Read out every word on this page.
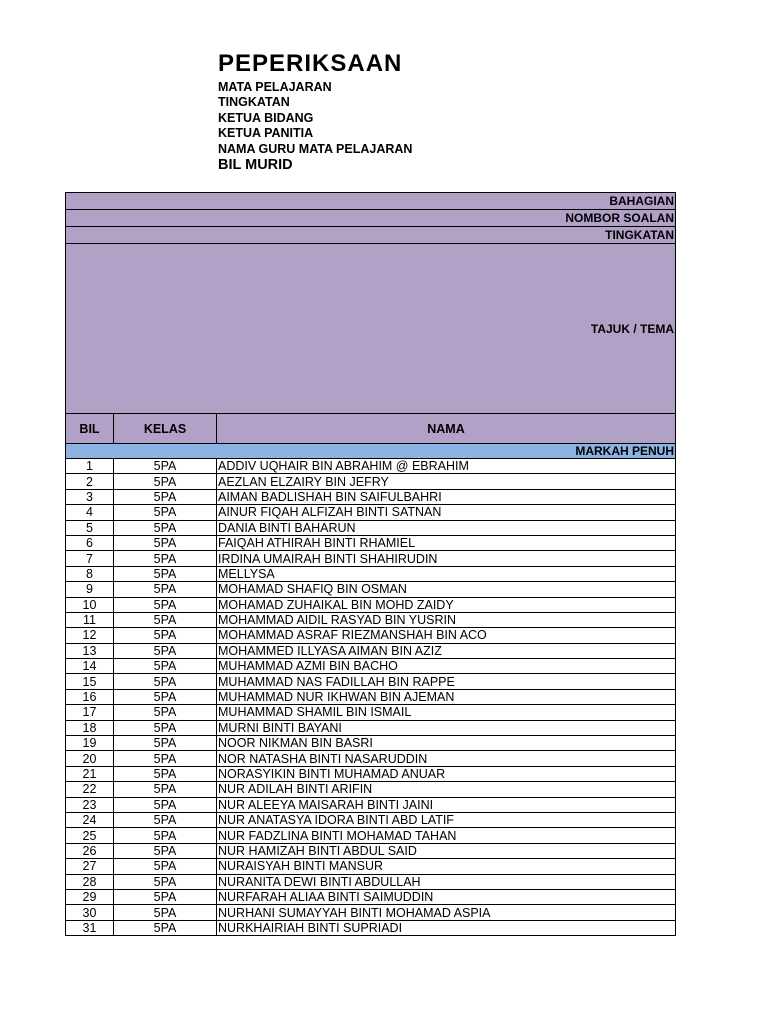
PEPERIKSAAN
MATA PELAJARAN
TINGKATAN
KETUA BIDANG
KETUA PANITIA
NAMA GURU MATA PELAJARAN
BIL MURID
BAHAGIAN		
NOMBOR SOALAN		
TINGKATAN		
TAJUK / TEMA		
BIL	KELAS	NAMA
MARKAH PENUH		
1	5PA	ADDIV UQHAIR BIN ABRAHIM @ EBRAHIM
2	5PA	AEZLAN ELZAIRY BIN JEFRY
3	5PA	AIMAN BADLISHAH BIN SAIFULBAHRI
4	5PA	AINUR FIQAH ALFIZAH BINTI SATNAN
5	5PA	DANIA BINTI BAHARUN
6	5PA	FAIQAH ATHIRAH BINTI RHAMIEL
7	5PA	IRDINA UMAIRAH BINTI SHAHIRUDIN
8	5PA	MELLYSA
9	5PA	MOHAMAD SHAFIQ BIN OSMAN
10	5PA	MOHAMAD ZUHAIKAL BIN MOHD ZAIDY
11	5PA	MOHAMMAD AIDIL RASYAD BIN YUSRIN
12	5PA	MOHAMMAD ASRAF RIEZMANSHAH BIN ACO
13	5PA	MOHAMMED ILLYASA AIMAN BIN AZIZ
14	5PA	MUHAMMAD AZMI BIN BACHO
15	5PA	MUHAMMAD NAS FADILLAH BIN RAPPE
16	5PA	MUHAMMAD NUR IKHWAN BIN AJEMAN
17	5PA	MUHAMMAD SHAMIL BIN ISMAIL
18	5PA	MURNI BINTI BAYANI
19	5PA	NOOR NIKMAN BIN BASRI
20	5PA	NOR NATASHA BINTI NASARUDDIN
21	5PA	NORASYIKIN BINTI MUHAMAD ANUAR
22	5PA	NUR ADILAH BINTI ARIFIN
23	5PA	NUR ALEEYA MAISARAH BINTI JAINI
24	5PA	NUR ANATASYA IDORA BINTI ABD LATIF
25	5PA	NUR FADZLINA BINTI MOHAMAD TAHAN
26	5PA	NUR HAMIZAH BINTI ABDUL SAID
27	5PA	NURAISYAH BINTI MANSUR
28	5PA	NURANITA DEWI BINTI ABDULLAH
29	5PA	NURFARAH ALIAA BINTI SAIMUDDIN
30	5PA	NURHANI SUMAYYAH BINTI MOHAMAD ASPIA
31	5PA	NURKHAIRIAH BINTI SUPRIADI
